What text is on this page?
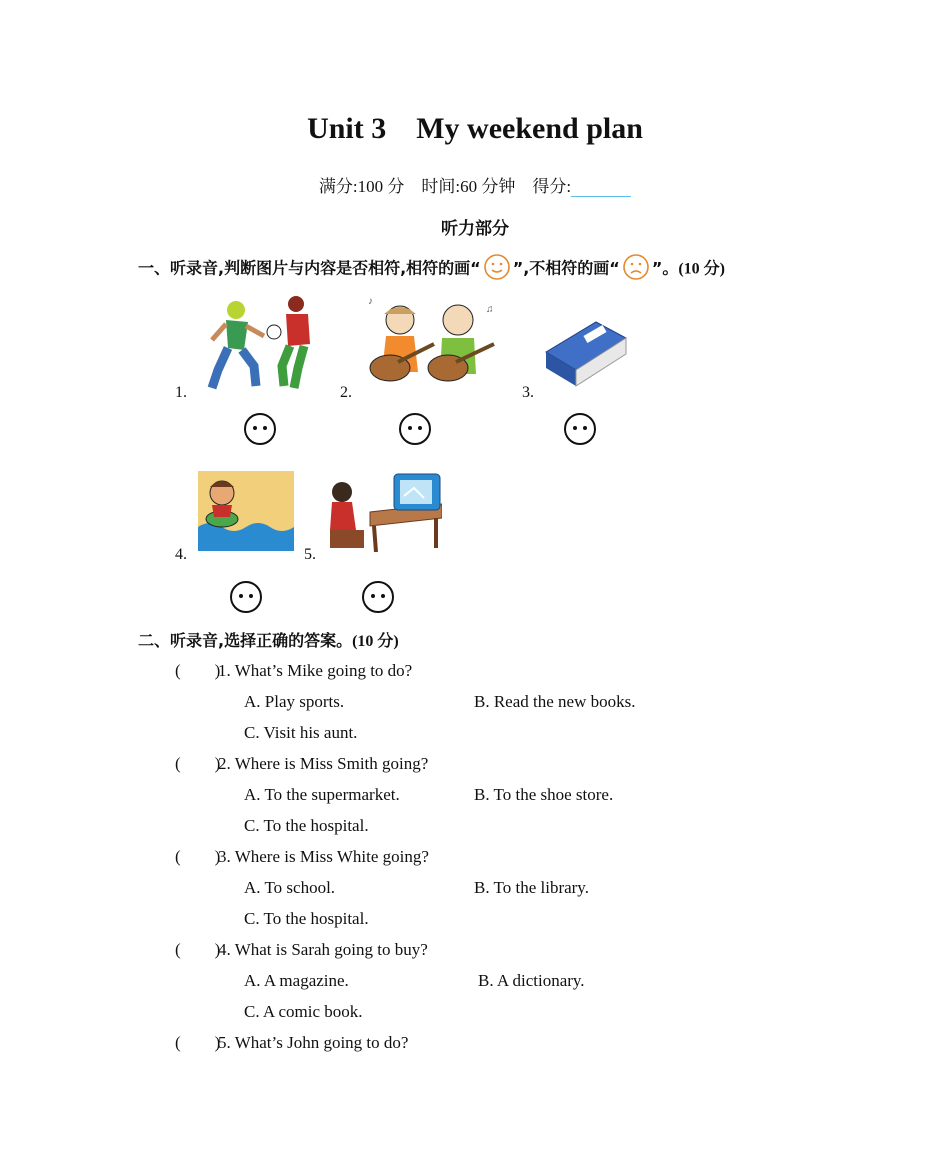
Unit 3    My weekend plan
满分:100 分 时间:60 分钟 得分:
听力部分
一、听录音,判断图片与内容是否相符,相符的画“ ”,不相符的画“ ”。(10 分)
1.	2.
♪
♫
3.
4.	5.
二、听录音,选择正确的答案。(10 分)
(        )
1. What’s Mike going to do?
A. Play sports.	B. Read the new books.
C. Visit his aunt.
(        )
2. Where is Miss Smith going?
A. To the supermarket.	B. To the shoe store.
C. To the hospital.
(        )
3. Where is Miss White going?
A. To school.	B. To the library.
C. To the hospital.
(        )
4. What is Sarah going to buy?
A. A magazine.	B. A dictionary.
C. A comic book.
(        )
5. What’s John going to do?
